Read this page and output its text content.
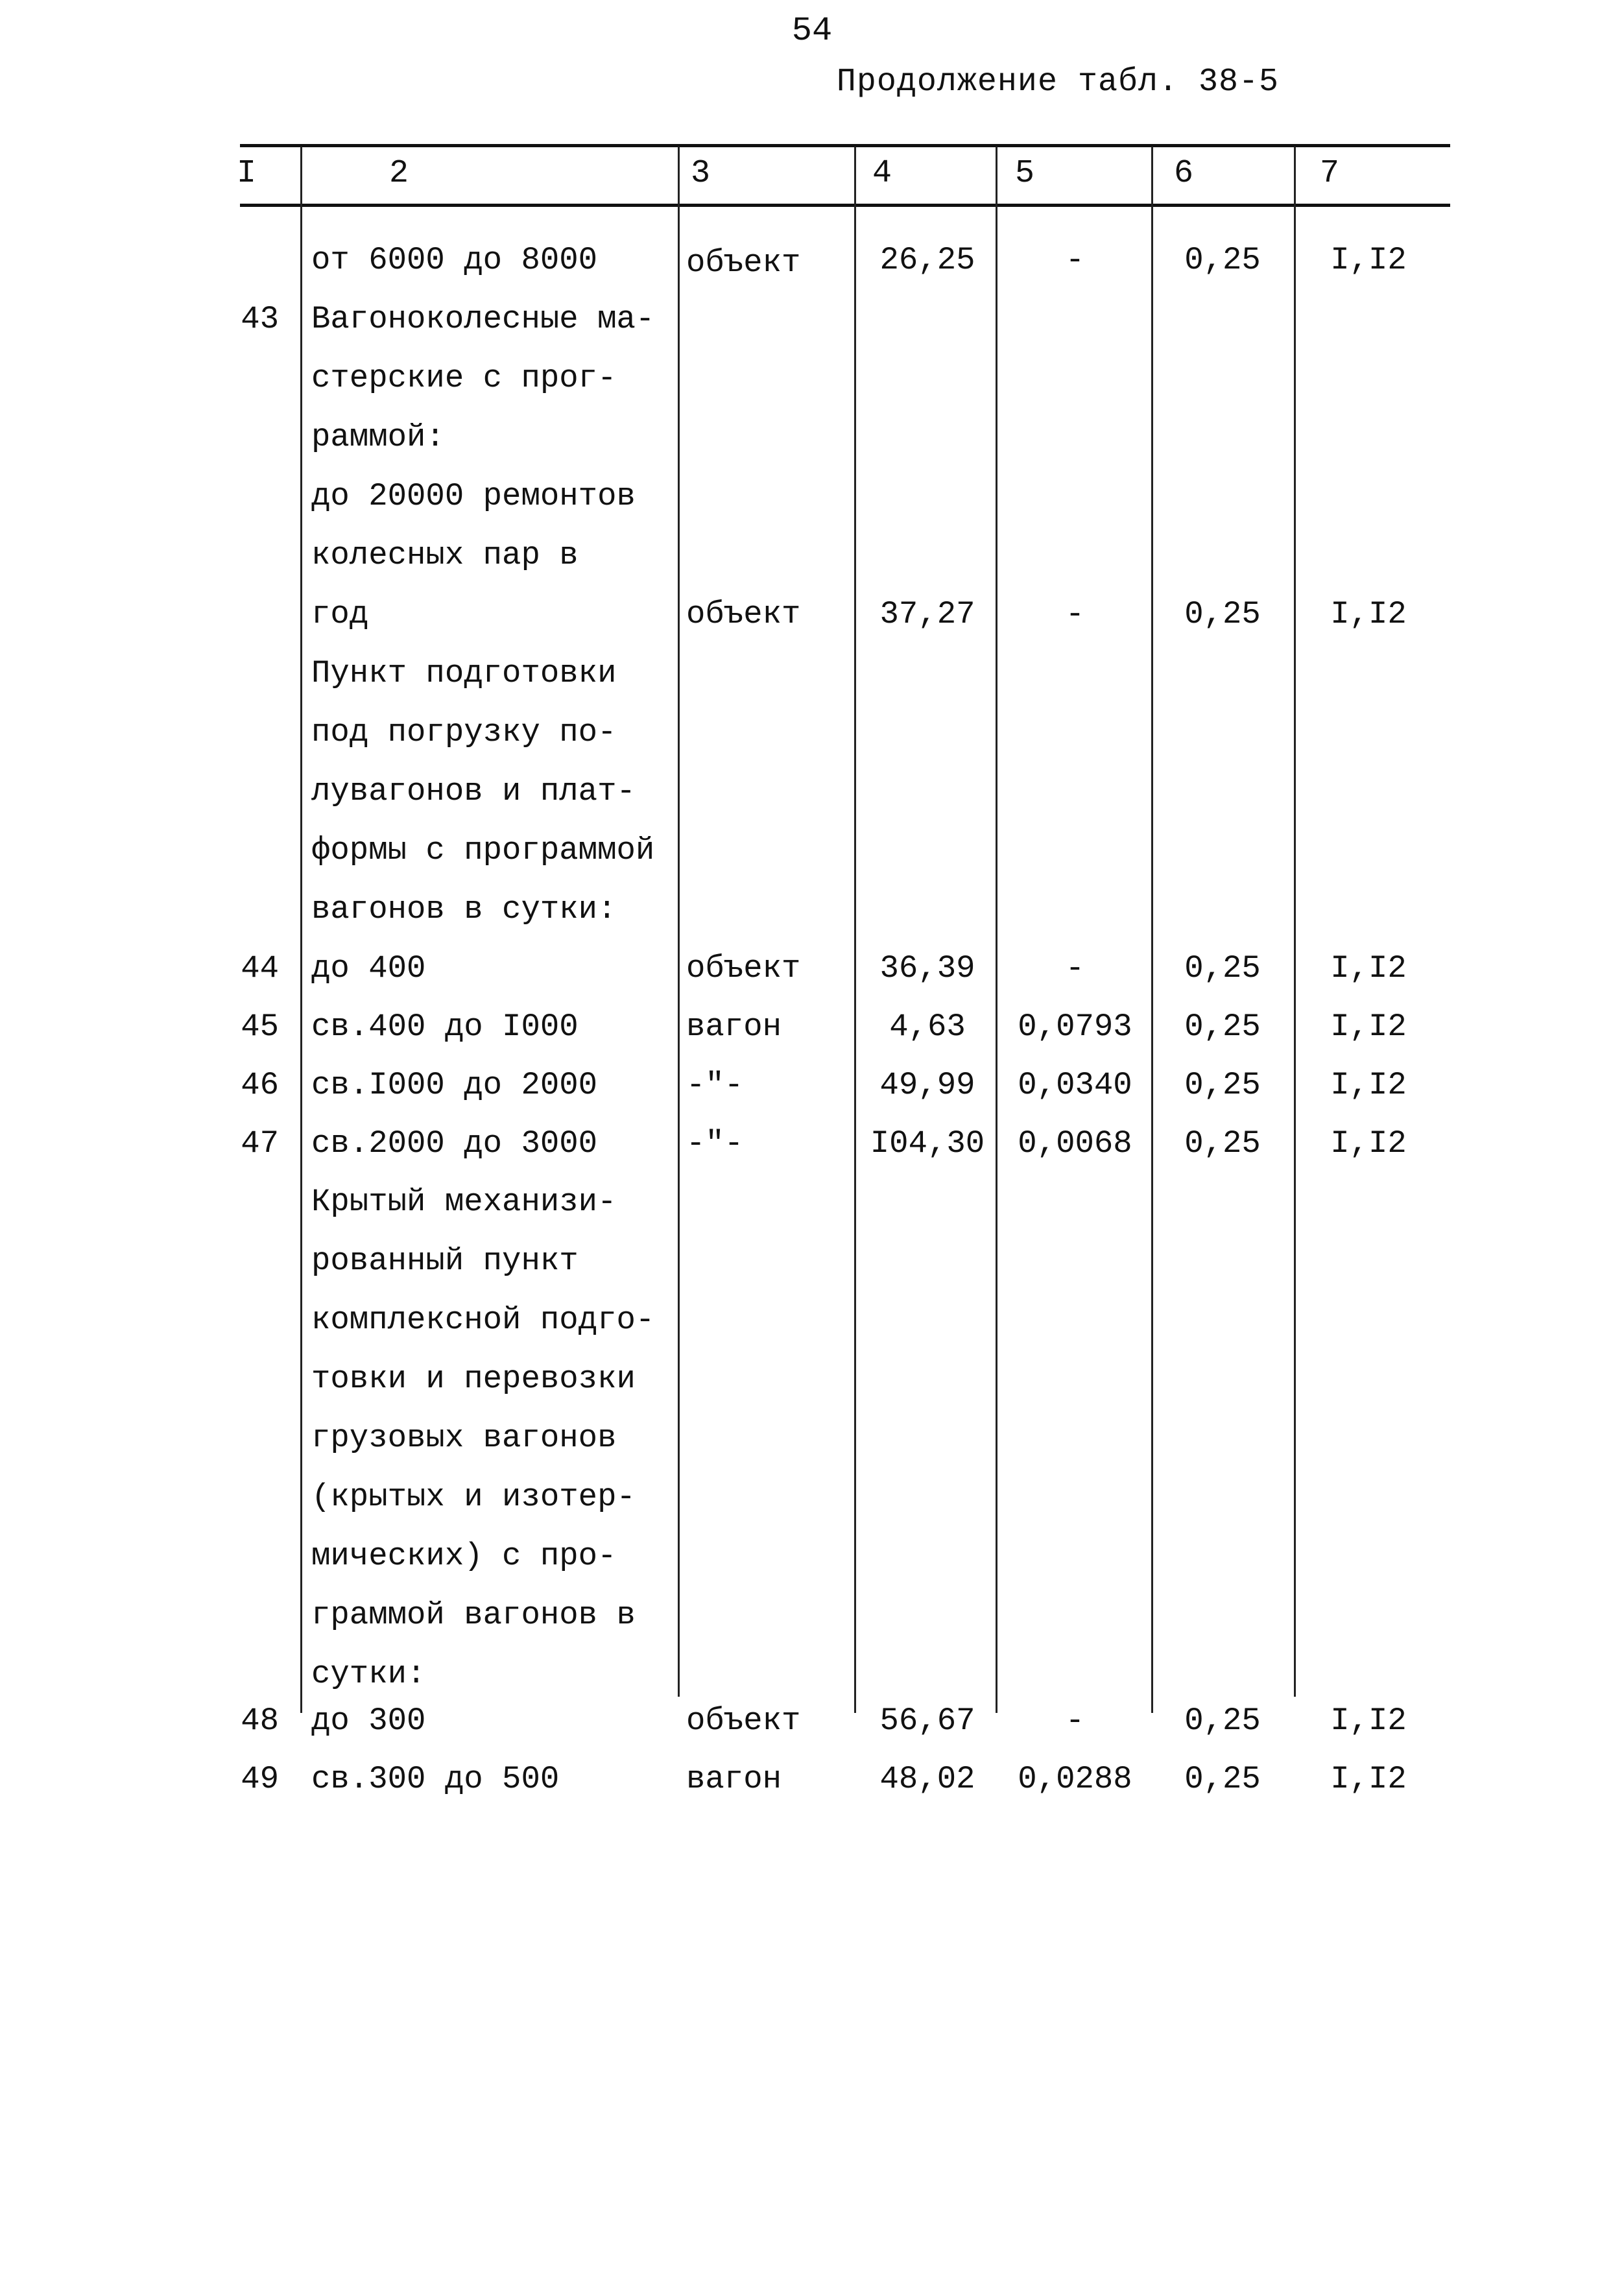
54
Продолжение табл. 38-5
I	2	3	4	5	6	7
от 6000 до 8000	объект	26,25	-	0,25	I,I2
43 Вагоноколесные ма-
стерские с прог-
раммой:
до 20000 ремонтов
колесных пар в
год	объект	37,27	-	0,25	I,I2
Пункт подготовки
под погрузку по-
лувагонов и плат-
формы с программой
вагонов в сутки:
44 до 400	объект	36,39	-	0,25	I,I2
45 св.400 до I000	вагон	4,63	0,0793	0,25	I,I2
46 св.I000 до 2000	-"-	49,99	0,0340	0,25	I,I2
47 св.2000 до 3000	-"-	I04,30	0,0068	0,25	I,I2
Крытый механизи-
рованный пункт
комплексной подго-
товки и перевозки
грузовых вагонов
(крытых и изотер-
мических) с про-
граммой вагонов в
сутки:
48 до 300	объект	56,67	-	0,25	I,I2
49 св.300 до 500	вагон	48,02	0,0288	0,25	I,I2
